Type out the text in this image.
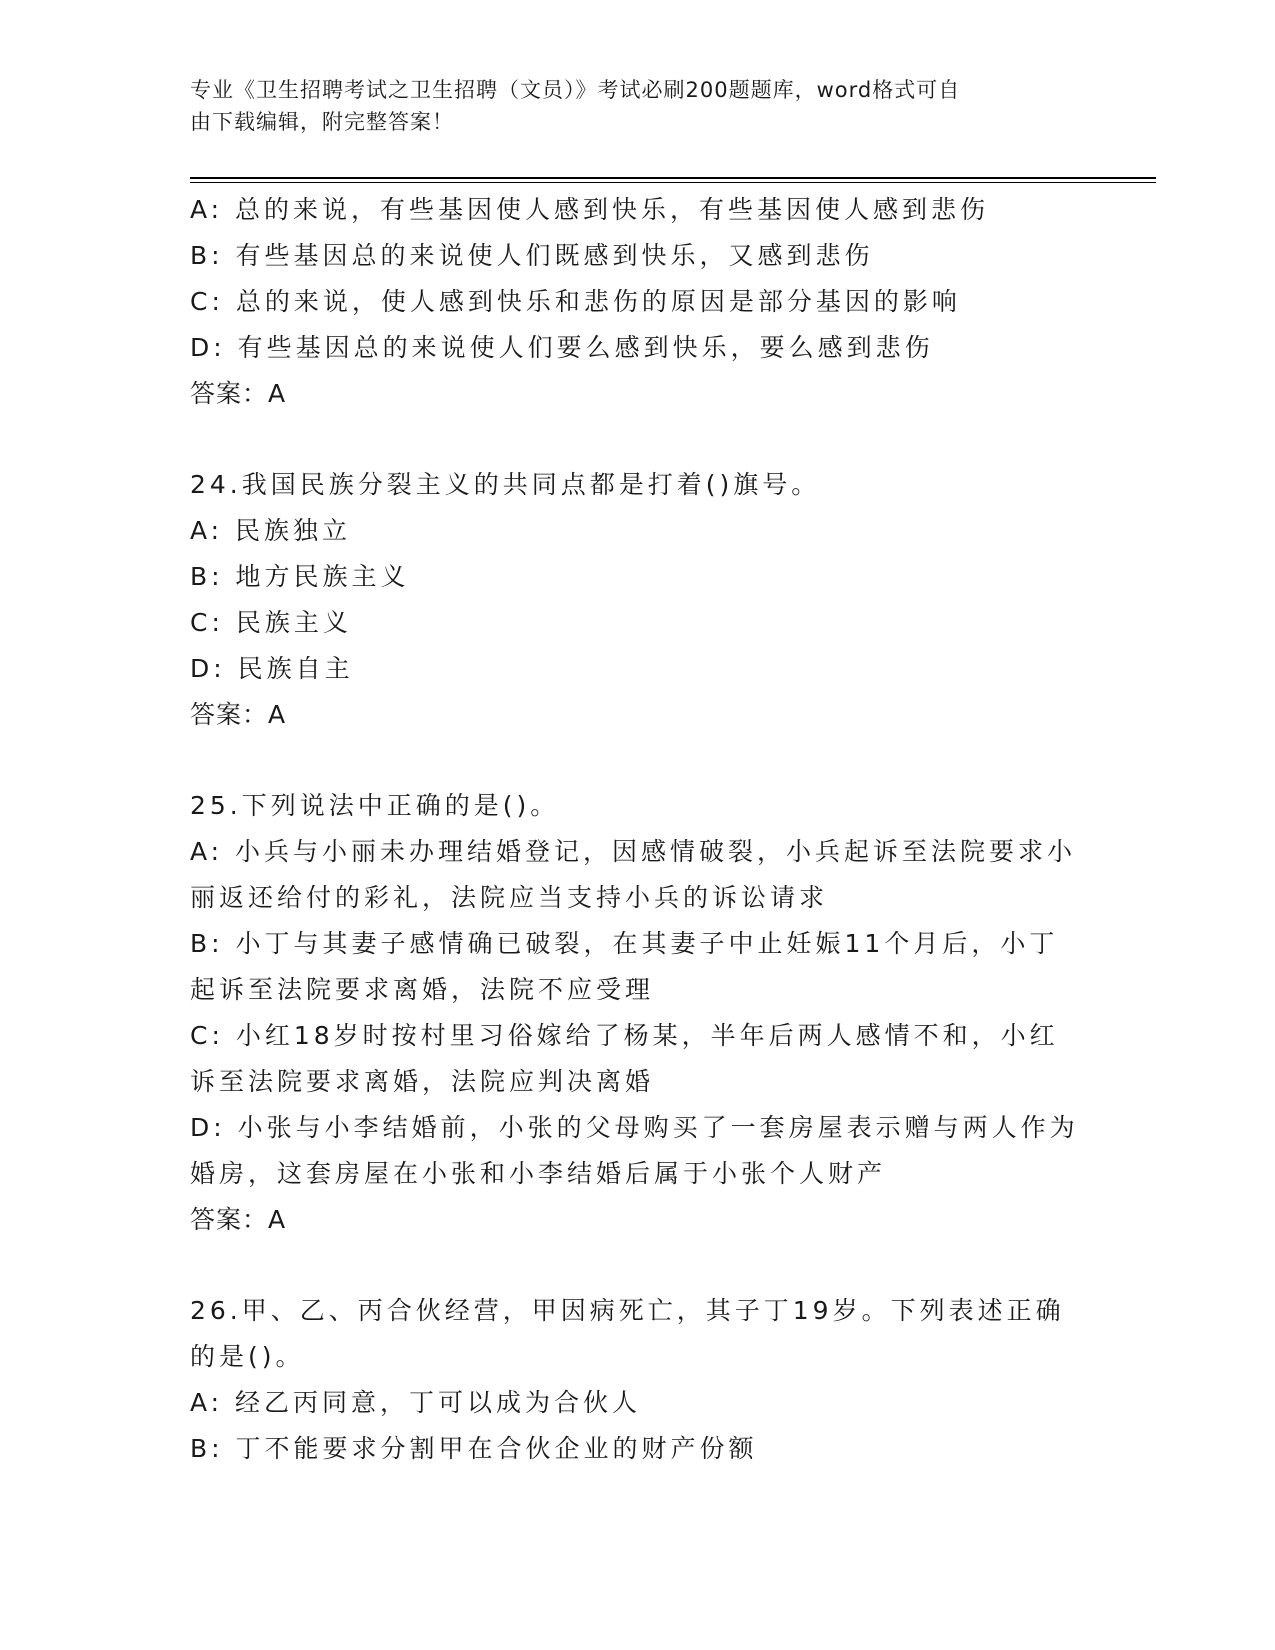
专业《卫生招聘考试之卫生招聘（文员）》考试必刷200题题库，word格式可自
由下载编辑，附完整答案！
A: 总的来说，有些基因使人感到快乐，有些基因使人感到悲伤
B: 有些基因总的来说使人们既感到快乐，又感到悲伤
C: 总的来说，使人感到快乐和悲伤的原因是部分基因的影响
D: 有些基因总的来说使人们要么感到快乐，要么感到悲伤
答案：A
24.我国民族分裂主义的共同点都是打着()旗号。
A: 民族独立
B: 地方民族主义
C: 民族主义
D: 民族自主
答案：A
25.下列说法中正确的是()。
A: 小兵与小丽未办理结婚登记，因感情破裂，小兵起诉至法院要求小
丽返还给付的彩礼，法院应当支持小兵的诉讼请求
B: 小丁与其妻子感情确已破裂，在其妻子中止妊娠11个月后，小丁
起诉至法院要求离婚，法院不应受理
C: 小红18岁时按村里习俗嫁给了杨某，半年后两人感情不和，小红
诉至法院要求离婚，法院应判决离婚
D: 小张与小李结婚前，小张的父母购买了一套房屋表示赠与两人作为
婚房，这套房屋在小张和小李结婚后属于小张个人财产
答案：A
26.甲、乙、丙合伙经营，甲因病死亡，其子丁19岁。下列表述正确
的是()。
A: 经乙丙同意，丁可以成为合伙人
B: 丁不能要求分割甲在合伙企业的财产份额
